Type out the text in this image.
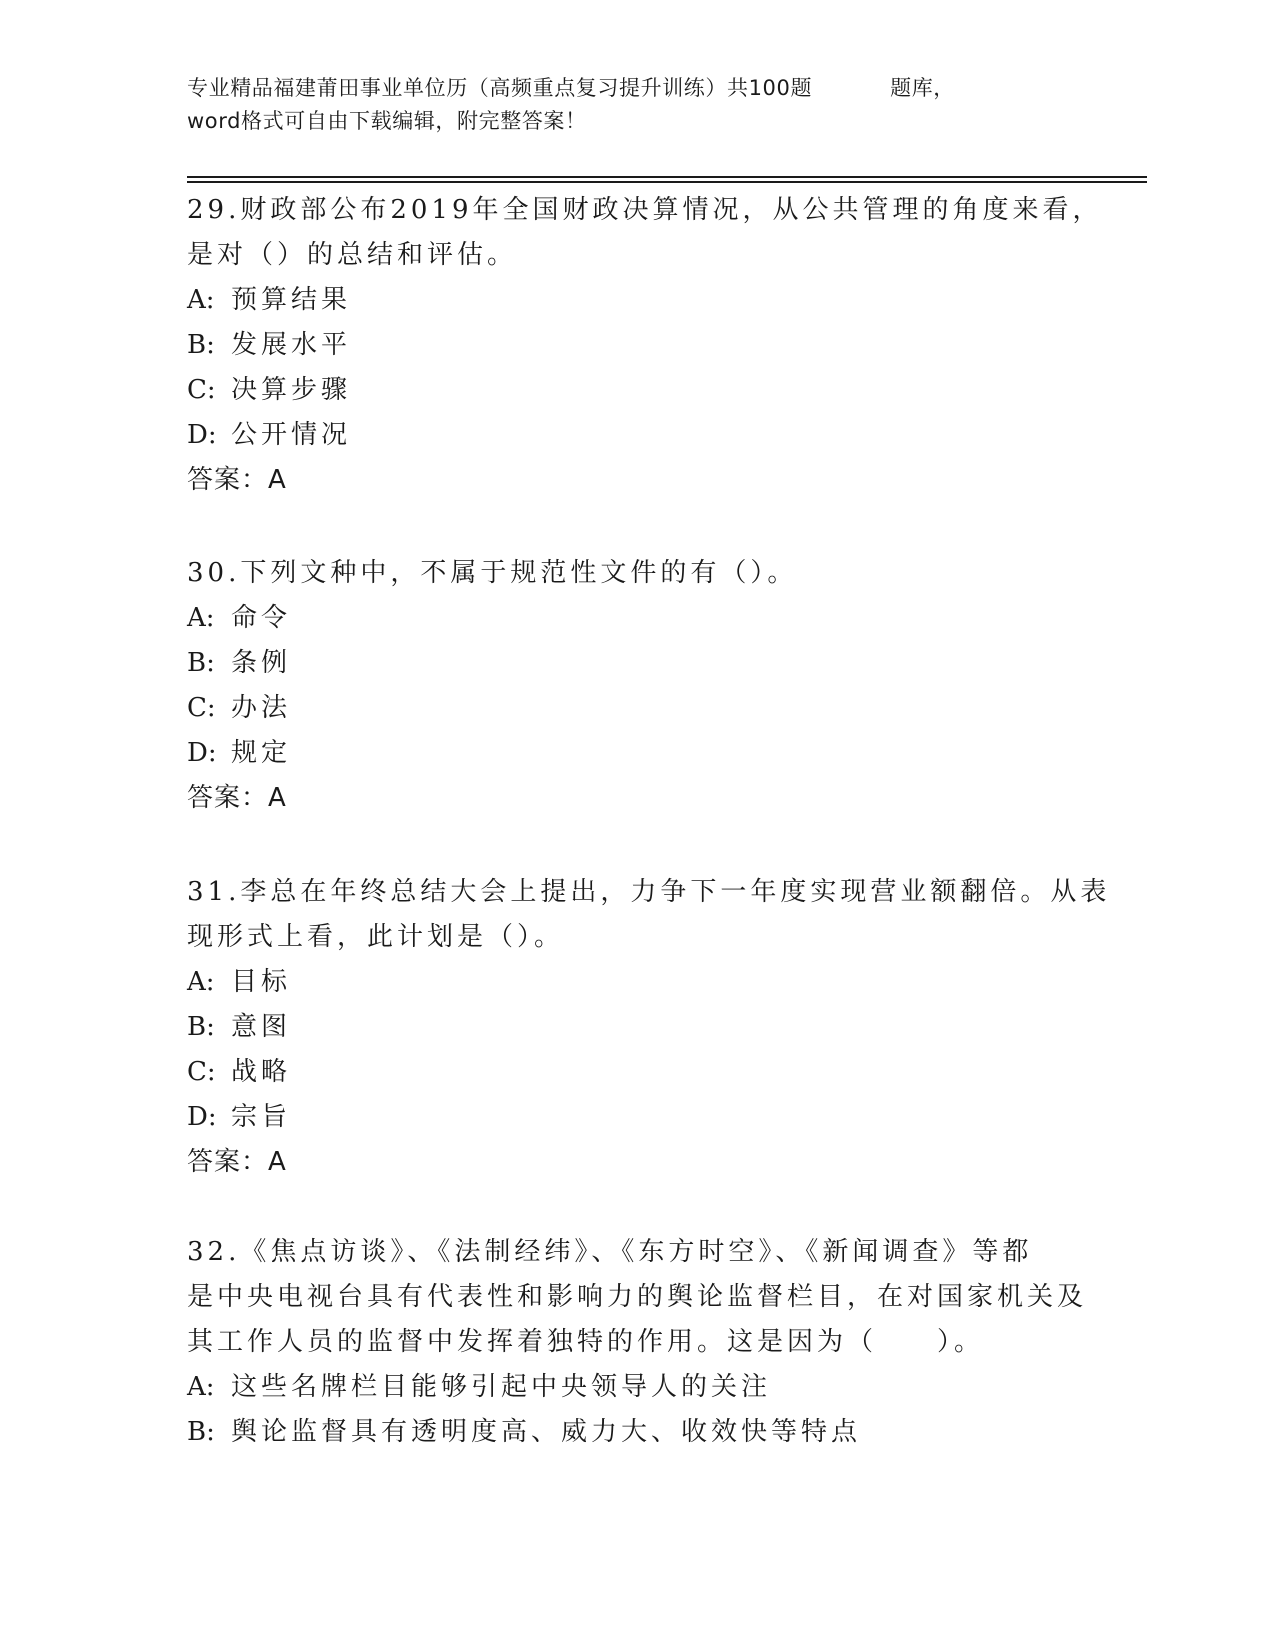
专业精品福建莆田事业单位历（高频重点复习提升训练）共100题	题库，
word格式可自由下载编辑，附完整答案！
29.财政部公布2019年全国财政决算情况，从公共管理的角度来看，
是对（）的总结和评估。
A: 预算结果
B: 发展水平
C: 决算步骤
D: 公开情况
答案：A
30.下列文种中，不属于规范性文件的有（）。
A: 命令
B: 条例
C: 办法
D: 规定
答案：A
31.李总在年终总结大会上提出，力争下一年度实现营业额翻倍。从表
现形式上看，此计划是（）。
A: 目标
B: 意图
C: 战略
D: 宗旨
答案：A
32.《焦点访谈》、《法制经纬》、《东方时空》、《新闻调查》等都
是中央电视台具有代表性和影响力的舆论监督栏目，在对国家机关及
其工作人员的监督中发挥着独特的作用。这是因为（　　）。
A: 这些名牌栏目能够引起中央领导人的关注
B: 舆论监督具有透明度高、威力大、收效快等特点
